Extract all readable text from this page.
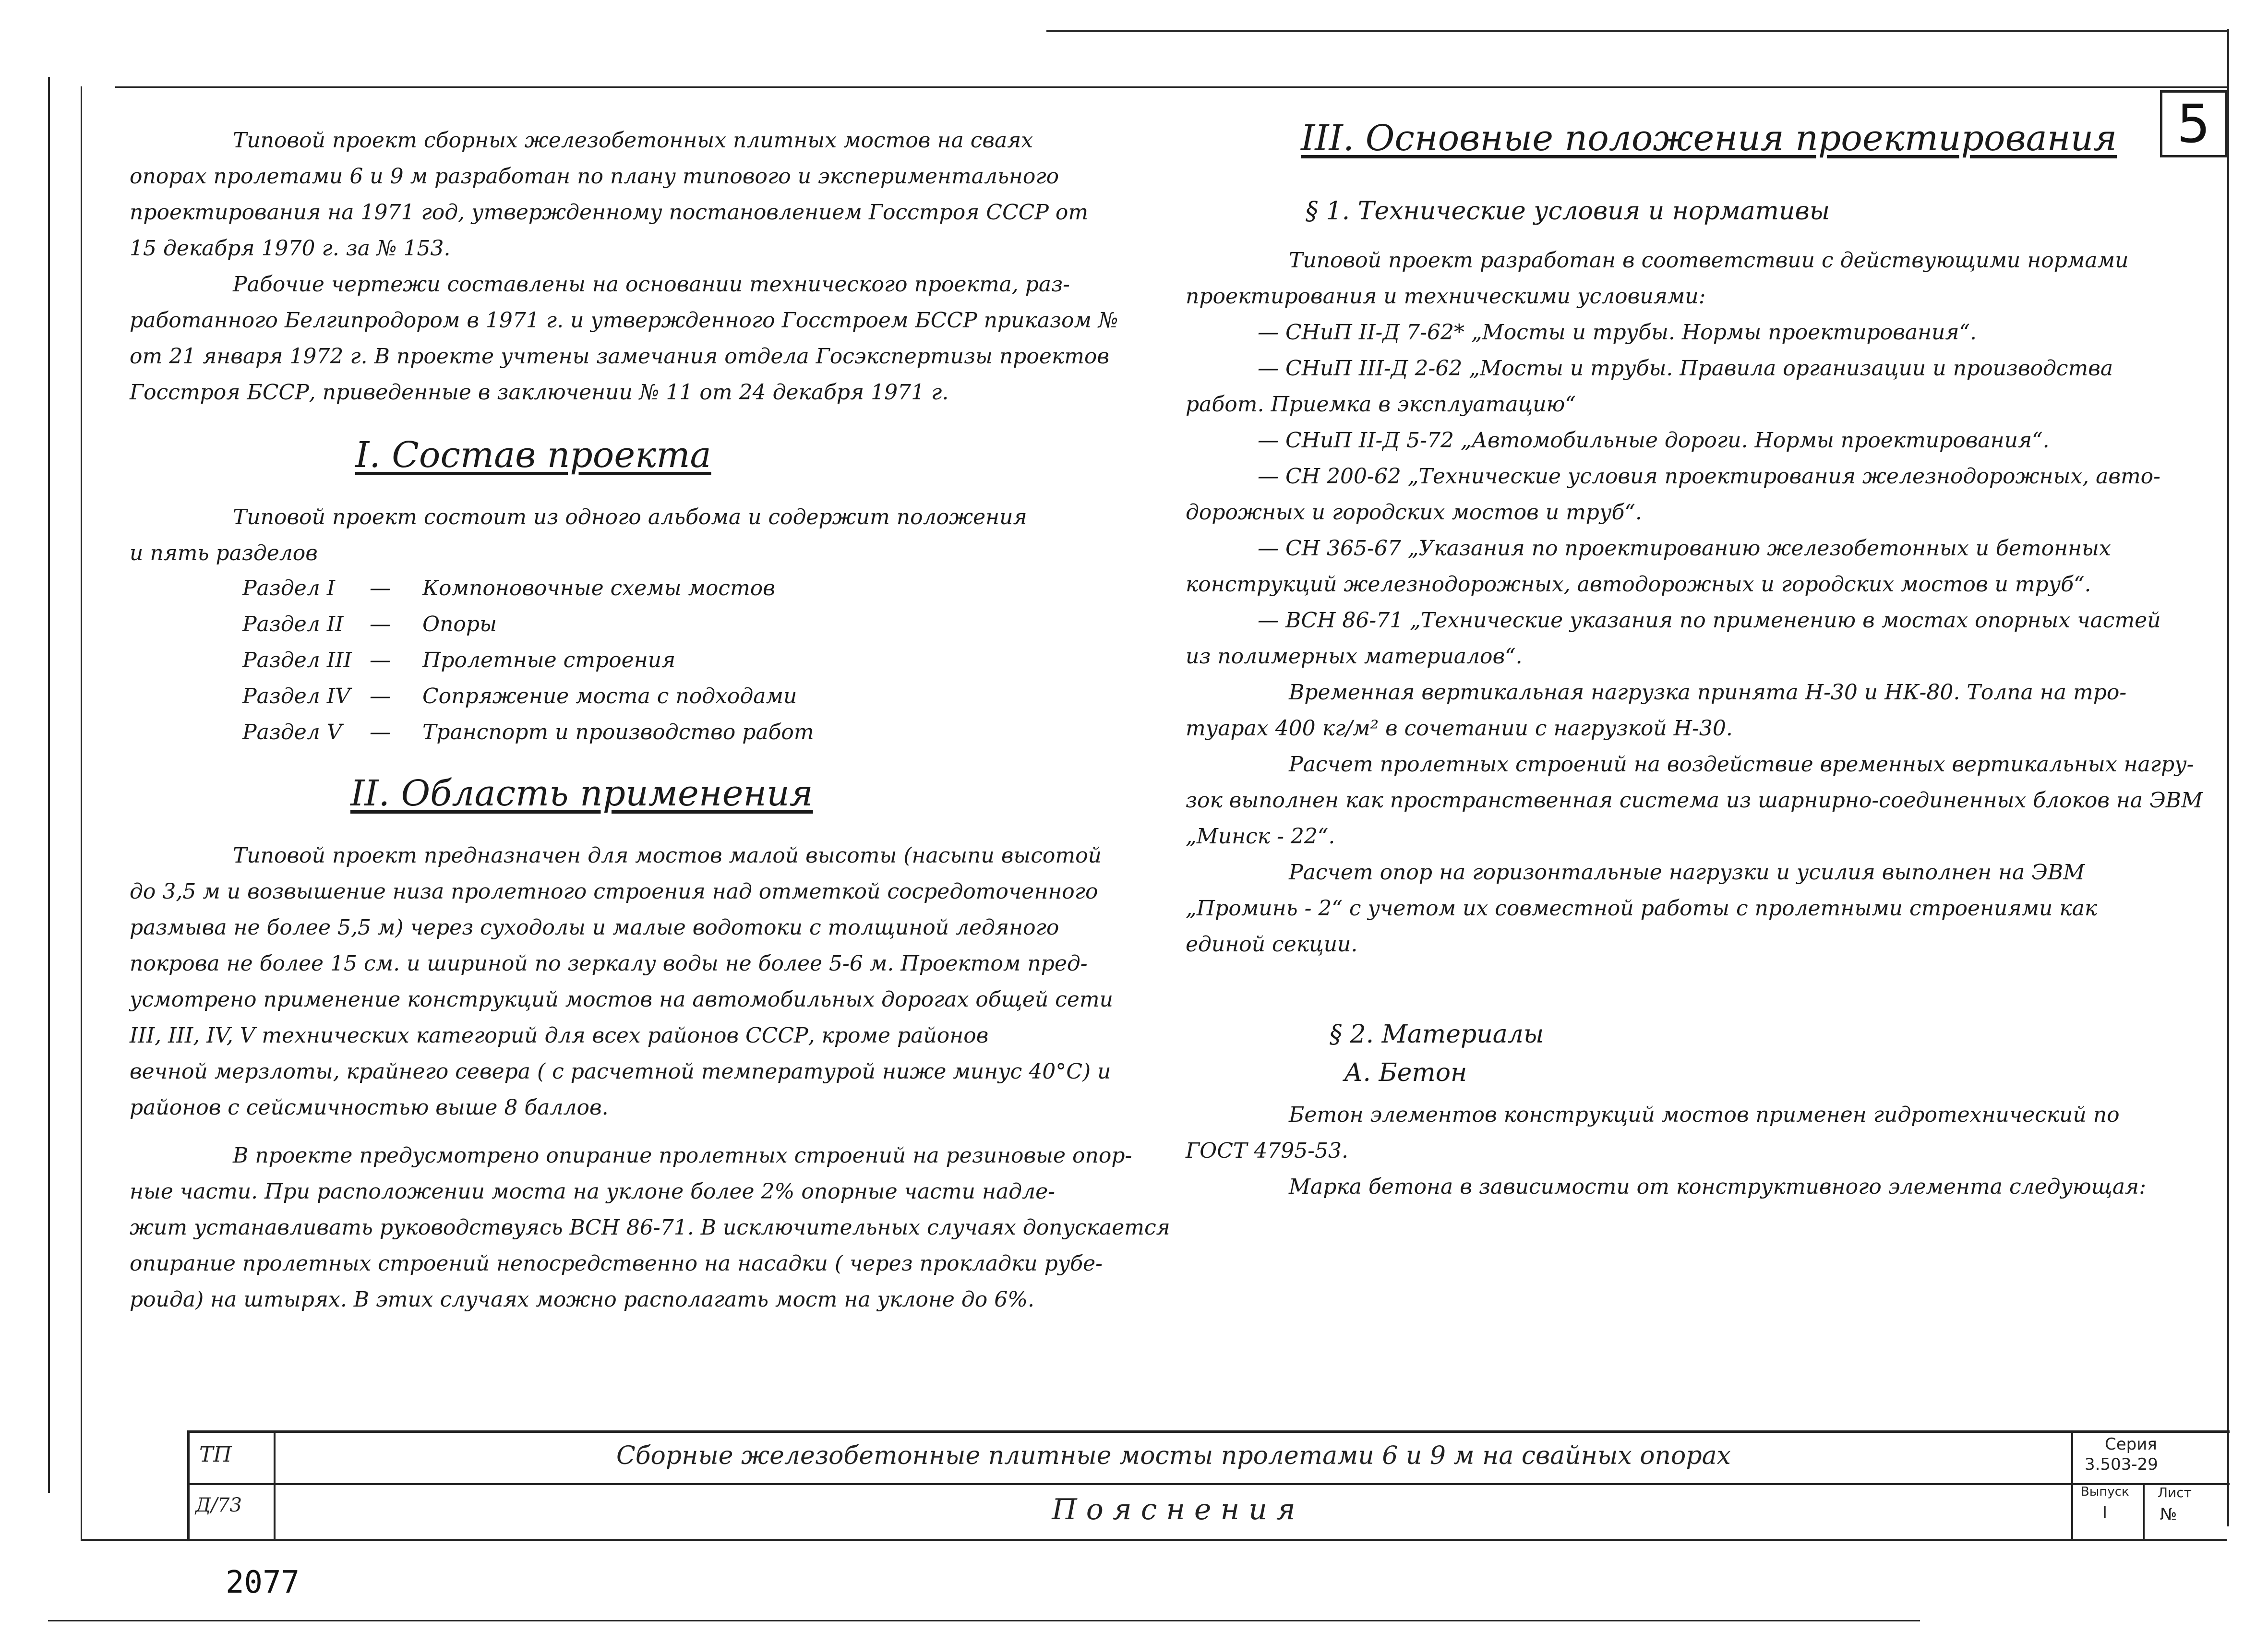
5
Типовой проект сборных железобетонных плитных мостов на сваях
опорах пролетами 6 и 9 м разработан по плану типового и экспериментального
проектирования на 1971 год, утвержденному постановлением Госстроя СССР от
15 декабря 1970 г. за № 153.
Рабочие чертежи составлены на основании технического проекта, раз-
работанного Белгипродором в 1971 г. и утвержденного Госстроем БССР приказом №
от 21 января 1972 г. В проекте учтены замечания отдела Госэкспертизы проектов
Госстроя БССР, приведенные в заключении № 11 от 24 декабря 1971 г.
I. Состав проекта
Типовой проект состоит из одного альбома и содержит положения
и пять разделов
Раздел I — Компоновочные схемы мостов
Раздел II — Опоры
Раздел III — Пролетные строения
Раздел IV — Сопряжение моста с подходами
Раздел V — Транспорт и производство работ
II. Область применения
Типовой проект предназначен для мостов малой высоты (насыпи высотой
до 3,5 м и возвышение низа пролетного строения над отметкой сосредоточенного
размыва не более 5,5 м) через суходолы и малые водотоки с толщиной ледяного
покрова не более 15 см. и шириной по зеркалу воды не более 5-6 м. Проектом пред-
усмотрено применение конструкций мостов на автомобильных дорогах общей сети
III, III, IV, V технических категорий для всех районов СССР, кроме районов
вечной мерзлоты, крайнего севера ( с расчетной температурой ниже минус 40°С) и
районов с сейсмичностью выше 8 баллов.
В проекте предусмотрено опирание пролетных строений на резиновые опор-
ные части. При расположении моста на уклоне более 2% опорные части надле-
жит устанавливать руководствуясь ВСН 86-71. В исключительных случаях допускается
опирание пролетных строений непосредственно на насадки ( через прокладки рубе-
роида) на штырях. В этих случаях можно располагать мост на уклоне до 6%.
III. Основные положения проектирования
§ 1. Технические условия и нормативы
Типовой проект разработан в соответствии с действующими нормами
проектирования и техническими условиями:
— СНиП II-Д 7-62* „Мосты и трубы. Нормы проектирования“.
— СНиП III-Д 2-62 „Мосты и трубы. Правила организации и производства
работ. Приемка в эксплуатацию“
— СНиП II-Д 5-72 „Автомобильные дороги. Нормы проектирования“.
— СН 200-62 „Технические условия проектирования железнодорожных, авто-
дорожных и городских мостов и труб“.
— СН 365-67 „Указания по проектированию железобетонных и бетонных
конструкций железнодорожных, автодорожных и городских мостов и труб“.
— ВСН 86-71 „Технические указания по применению в мостах опорных частей
из полимерных материалов“.
Временная вертикальная нагрузка принята Н-30 и НК-80. Толпа на тро-
туарах 400 кг/м² в сочетании с нагрузкой Н-30.
Расчет пролетных строений на воздействие временных вертикальных нагру-
зок выполнен как пространственная система из шарнирно-соединенных блоков на ЭВМ
„Минск - 22“.
Расчет опор на горизонтальные нагрузки и усилия выполнен на ЭВМ
„Проминь - 2“ с учетом их совместной работы с пролетными строениями как
единой секции.
§ 2. Материалы
А. Бетон
Бетон элементов конструкций мостов применен гидротехнический по
ГОСТ 4795-53.
Марка бетона в зависимости от конструктивного элемента следующая:
ТП
Д/73
Сборные железобетонные плитные мосты пролетами 6 и 9 м на свайных опорах
П о я с н е н и я
Серия
3.503-29
Выпуск
I
Лист
№
2077
